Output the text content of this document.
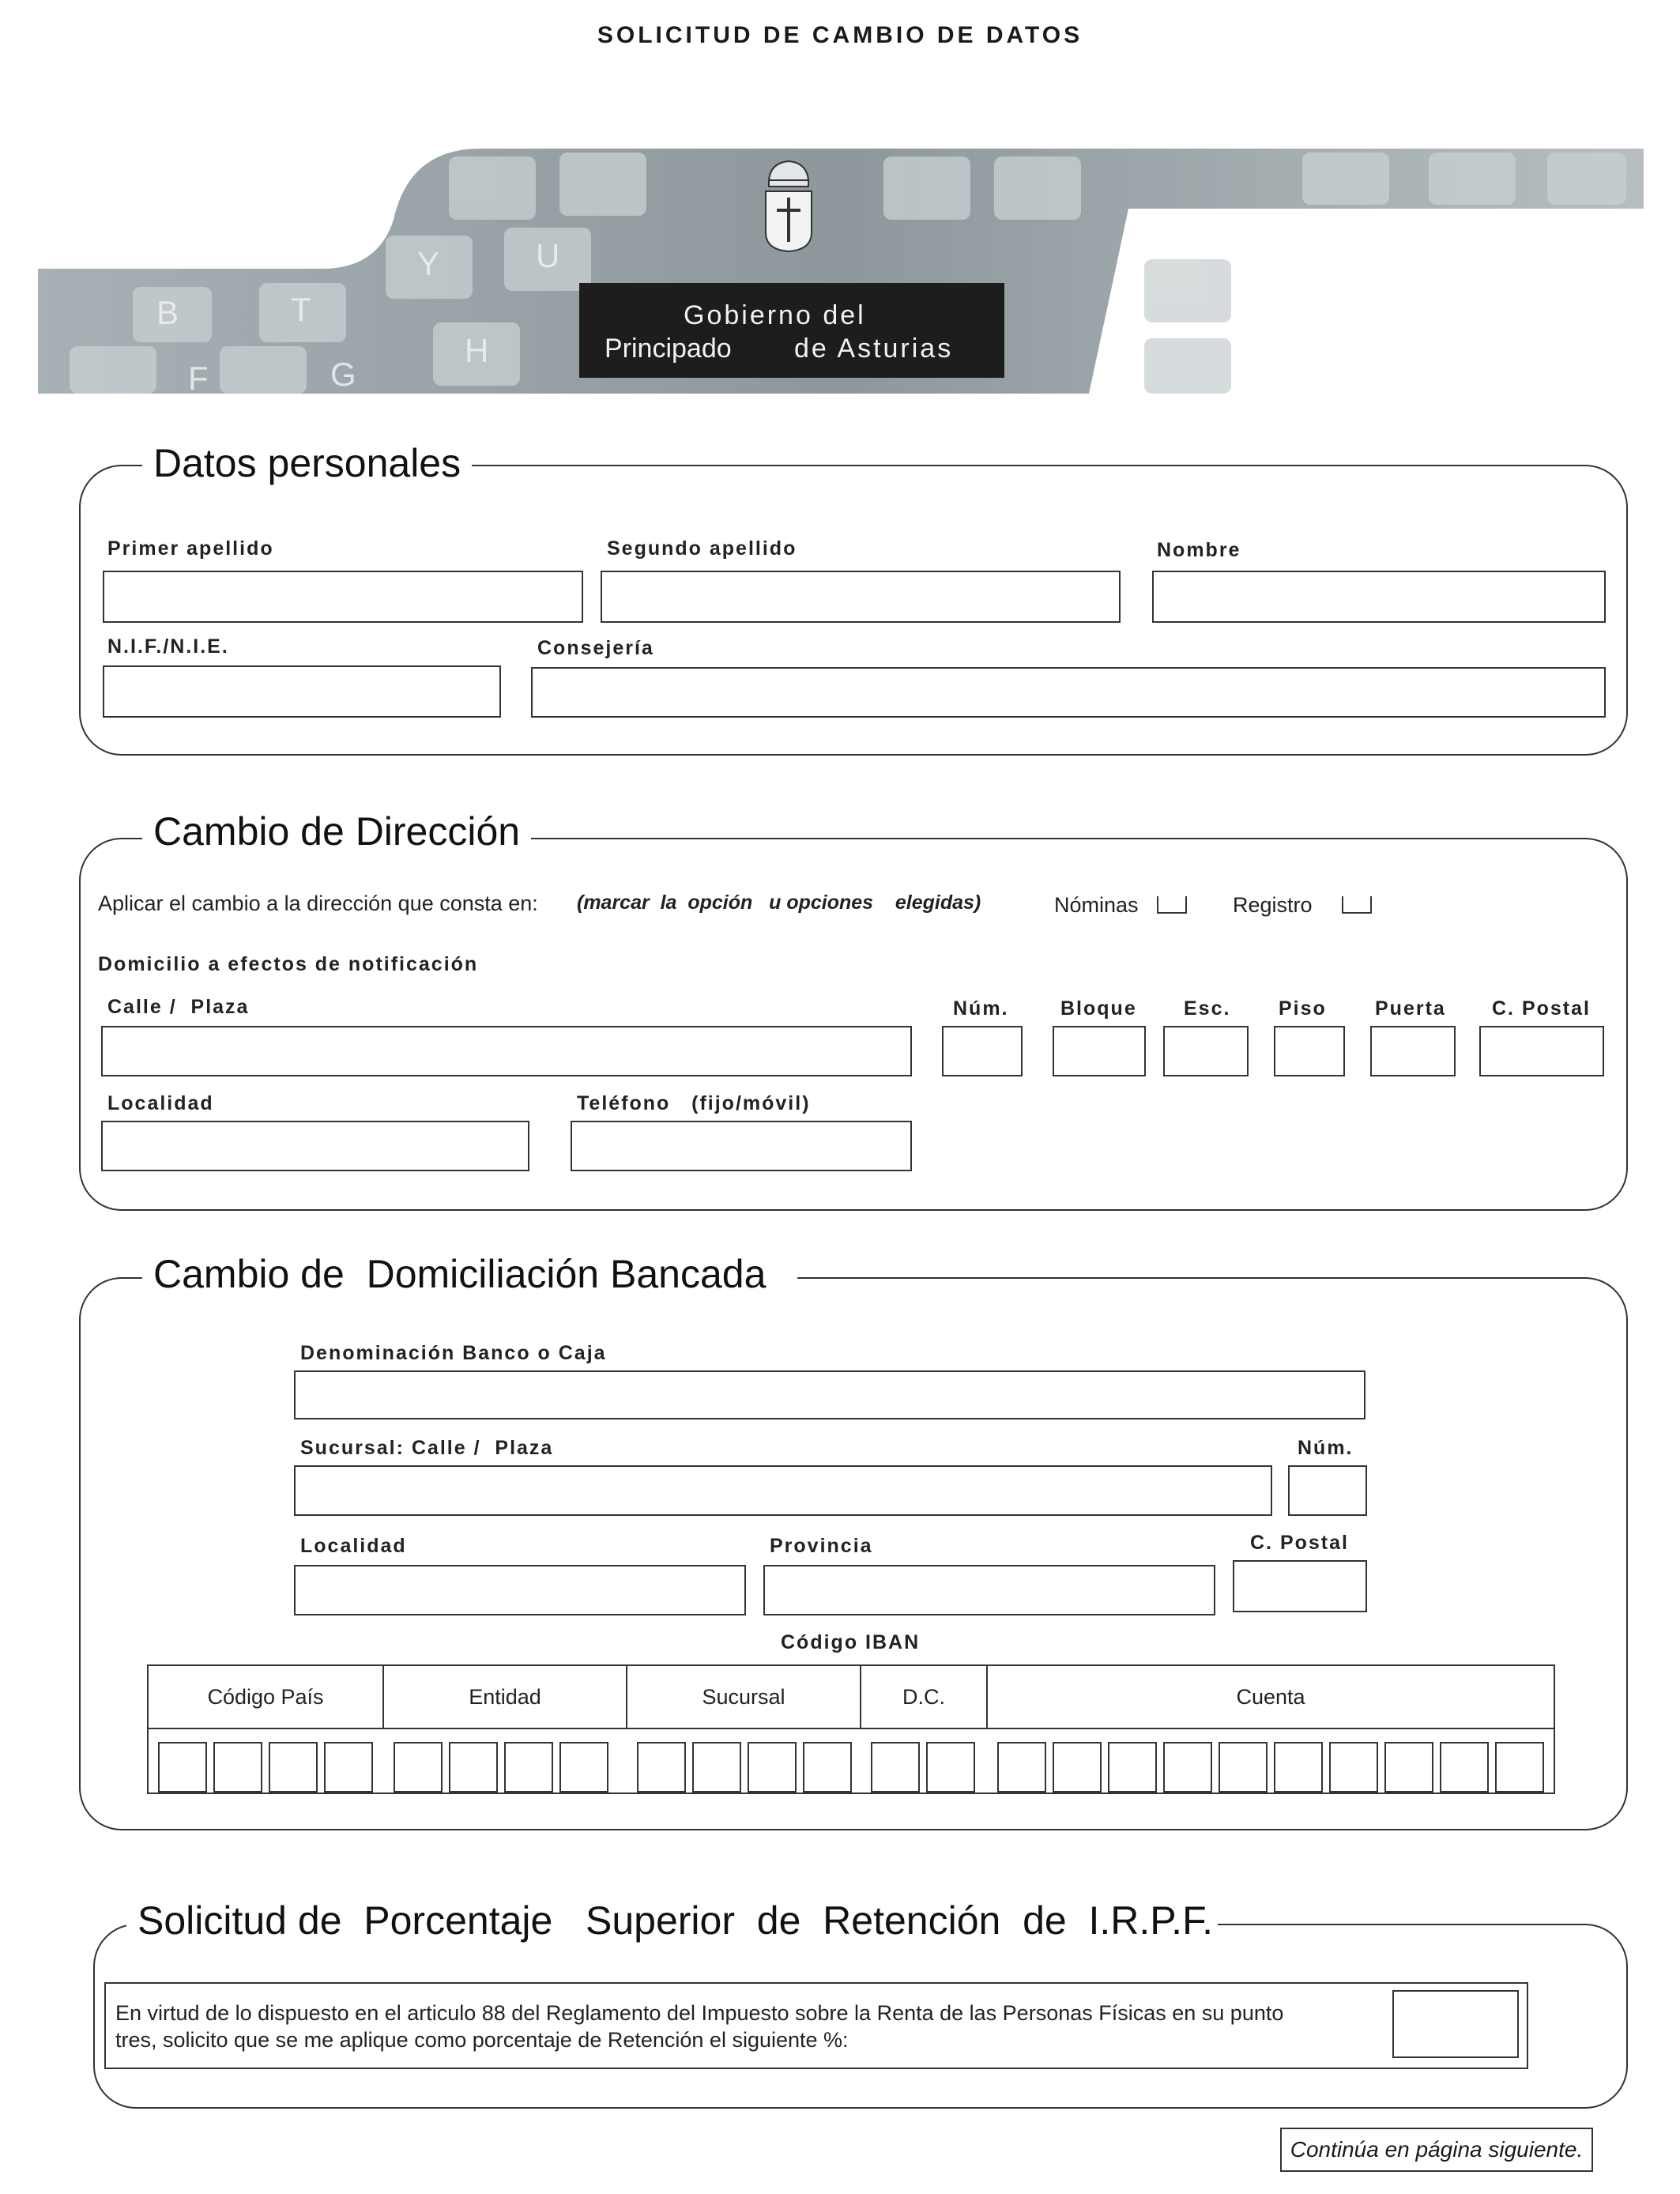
SOLICITUD DE CAMBIO DE DATOS
B	T
Y	U
G
H
F
Gobierno del
Principado de Asturias
Datos personales
Primer apellido	Segundo apellido	Nombre
N.I.F./N.I.E.	Consejería
Cambio de Dirección
Aplicar el cambio a la dirección que consta en: (marcar  la  opción   u opciones    elegidas)	Nóminas	Registro
Domicilio a efectos de notificación
Calle /  Plaza	Núm.	Bloque Esc. Piso Puerta C. Postal
Localidad	Teléfono   (fijo/móvil)
Cambio de  Domiciliación Bancada
Denominación Banco o Caja
Sucursal: Calle /  Plaza	Núm.
Localidad	Provincia	C. Postal
Código IBAN
Código País	Entidad	Sucursal	D.C.	Cuenta
Solicitud de  Porcentaje   Superior  de  Retención  de  I.R.P.F.
En virtud de lo dispuesto en el articulo 88 del Reglamento del Impuesto sobre la Renta de las Personas Físicas en su punto
tres, solicito que se me aplique como porcentaje de Retención el siguiente %:
Continúa en página siguiente.
